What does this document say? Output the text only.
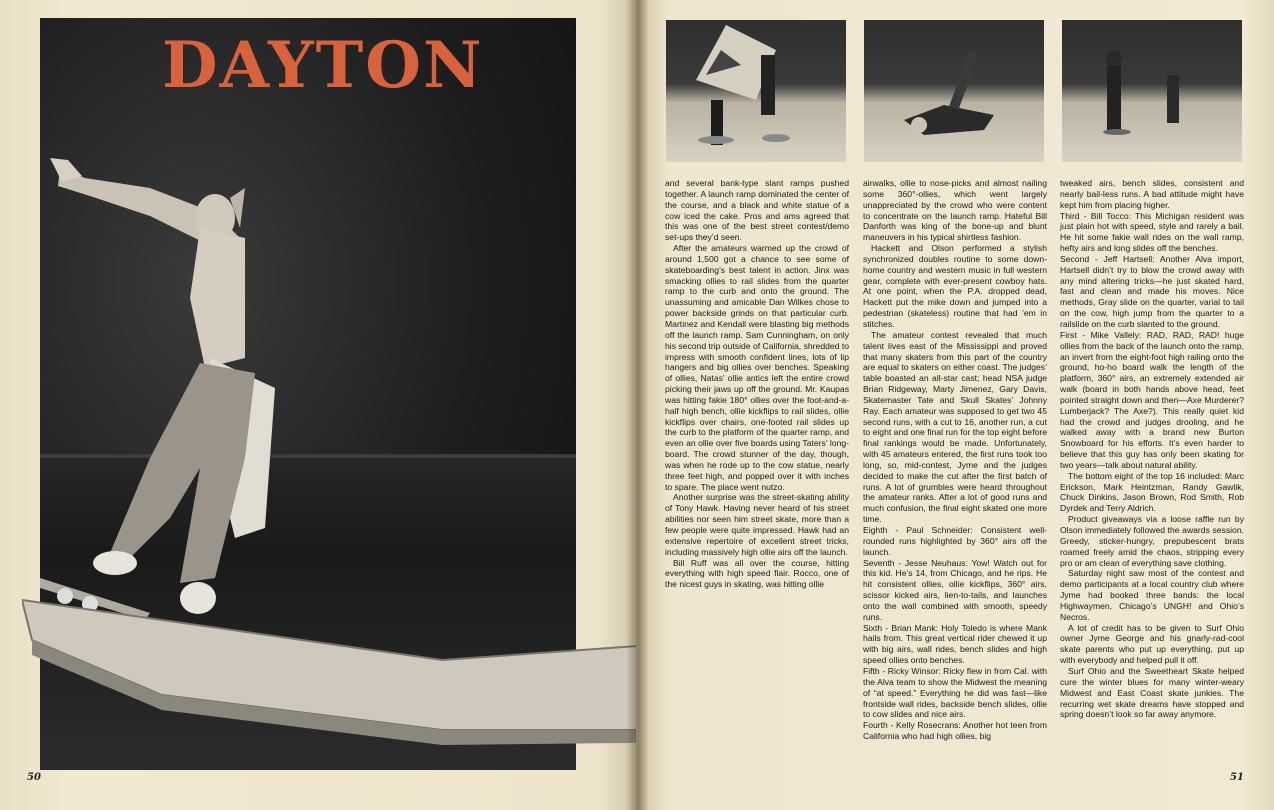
DAYTON
50

and several bank-type slant ramps pushed together. A launch ramp dominated the center of the course, and a black and white statue of a cow iced the cake. Pros and ams agreed that this was one of the best street contest/demo set-ups they’d seen.

After the amateurs warmed up the crowd of around 1,500 got a chance to see some of skateboarding’s best talent in action. Jinx was smacking ollies to rail slides from the quarter ramp to the curb and onto the ground. The unassuming and amicable Dan Wilkes chose to power backside grinds on that particular curb. Martinez and Kendall were blasting big methods off the launch ramp. Sam Cunningham, on only his second trip outside of California, shredded to impress with smooth confident lines, lots of lip hangers and big ollies over benches. Speaking of ollies, Natas’ ollie antics left the entire crowd picking their jaws up off the ground. Mr. Kaupas was hitting fakie 180° ollies over the foot-and-a-half high bench, ollie kickflips to rail slides, ollie kickflips over chairs, one-footed rail slides up the curb to the platform of the quarter ramp, and even an ollie over five boards using Taters’ long-board. The crowd stunner of the day, though, was when he rode up to the cow statue, nearly three feet high, and popped over it with inches to spare. The place went nutzo.

Another surprise was the street-skating ability of Tony Hawk. Having never heard of his street abilities nor seen him street skate, more than a few people were quite impressed. Hawk had an extensive repertoire of excellent street tricks, including massively high ollie airs off the launch.

Bill Ruff was all over the course, hitting everything with high speed flair. Rocco, one of the nicest guys in skating, was hitting ollie

airwalks, ollie to nose-picks and almost nailing some 360°-ollies, which went largely unappreciated by the crowd who were content to concentrate on the launch ramp. Hateful Bill Danforth was king of the bone-up and blunt maneuvers in his typical shirtless fashion.

Hackett and Olson performed a stylish synchronized doubles routine to some down-home country and western music in full western gear, complete with ever-present cowboy hats. At one point, when the P.A. dropped dead, Hackett put the mike down and jumped into a pedestrian (skateless) routine that had ’em in stitches.

The amateur contest revealed that much talent lives east of the Mississippi and proved that many skaters from this part of the country are equal to skaters on either coast. The judges’ table boasted an all-star cast; head NSA judge Brian Ridgeway, Marty Jimenez, Gary Davis, Skatemaster Tate and Skull Skates’ Johnny Ray. Each amateur was supposed to get two 45 second runs, with a cut to 16, another run, a cut to eight and one final run for the top eight before final rankings would be made. Unfortunately, with 45 amateurs entered, the first runs took too long, so, mid-contest, Jyme and the judges decided to make the cut after the first batch of runs. A lot of grumbles were heard throughout the amateur ranks. After a lot of good runs and much confusion, the final eight skated one more time.

Eighth - Paul Schneider: Consistent well-rounded runs highlighted by 360° airs off the launch.

Seventh - Jesse Neuhaus: Yow! Watch out for this kid. He’s 14, from Chicago, and he rips. He hit consistent ollies, ollie kickflips, 360° airs, scissor kicked airs, lien-to-tails, and launches onto the wall combined with smooth, speedy runs.

Sixth - Brian Mank: Holy Toledo is where Mank hails from. This great vertical rider chewed it up with big airs, wall rides, bench slides and high speed ollies onto benches.

Fifth - Ricky Winsor: Ricky flew in from Cal. with the Alva team to show the Midwest the meaning of “at speed.” Everything he did was fast—like frontside wall rides, backside bench slides, ollie to cow slides and nice airs.

Fourth - Kelly Rosecrans: Another hot teen from California who had high ollies, big

tweaked airs, bench slides, consistent and nearly bail-less runs. A bad attitude might have kept him from placing higher.

Third - Bill Tocco: This Michigan resident was just plain hot with speed, style and rarely a bail. He hit some fakie wall rides on the wall ramp, hefty airs and long slides off the benches.

Second - Jeff Hartsell: Another Alva import, Hartsell didn’t try to blow the crowd away with any mind altering tricks—he just skated hard, fast and clean and made his moves. Nice methods, Gray slide on the quarter, varial to tail on the cow, high jump from the quarter to a railslide on the curb slanted to the ground.

First - Mike Vallely: RAD, RAD, RAD! huge ollies from the back of the launch onto the ramp, an invert from the eight-foot high railing onto the ground, ho-ho board walk the length of the platform, 360° airs, an extremely extended air walk (board in both hands above head, feet pointed straight down and then—Axe Murderer? Lumberjack? The Axe?). This really quiet kid had the crowd and judges drooling, and he walked away with a brand new Burton Snowboard for his efforts. It’s even harder to believe that this guy has only been skating for two years—talk about natural ability.

The bottom eight of the top 16 included: Marc Erickson, Mark Heintzman, Randy Gawlik, Chuck Dinkins, Jason Brown, Rod Smith, Rob Dyrdek and Terry Aldrich.

Product giveaways via a loose raffle run by Olson immediately followed the awards session. Greedy, sticker-hungry, prepubescent brats roamed freely amid the chaos, stripping every pro or am clean of everything save clothing.

Saturday night saw most of the contest and demo participants at a local country club where Jyme had booked three bands: the local Highwaymen, Chicago’s UNGH! and Ohio’s Necros.

A lot of credit has to be given to Surf Ohio owner Jyme George and his gnarly-rad-cool skate parents who put up everything, put up with everybody and helped pull it off.

Surf Ohio and the Sweetheart Skate helped cure the winter blues for many winter-weary Midwest and East Coast skate junkies. The recurring wet skate dreams have stopped and spring doesn’t look so far away anymore.

51
